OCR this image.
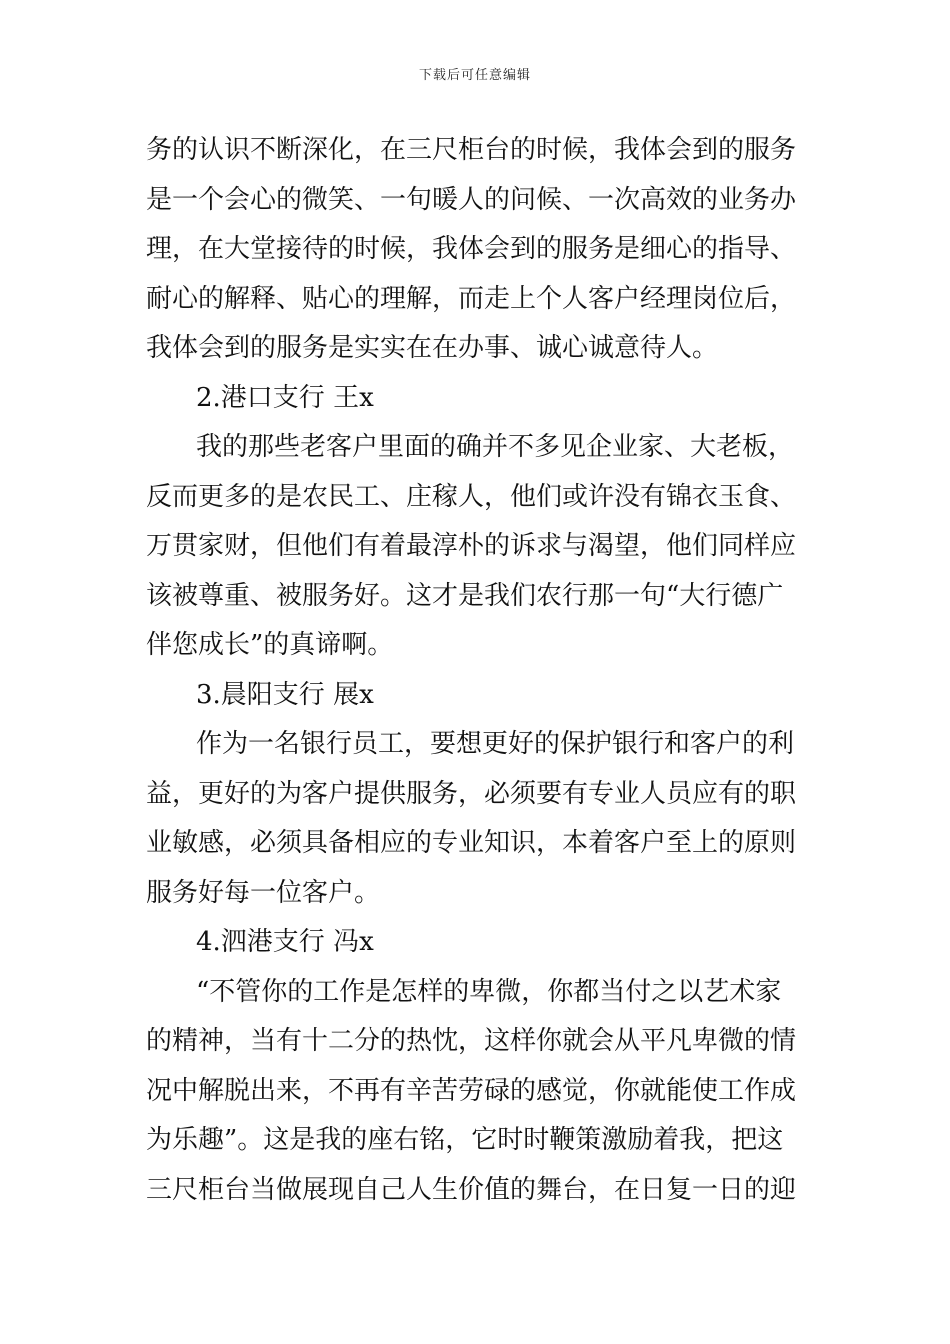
下载后可任意编辑
务的认识不断深化，在三尺柜台的时候，我体会到的服务
是一个会心的微笑、一句暖人的问候、一次高效的业务办
理，在大堂接待的时候，我体会到的服务是细心的指导、
耐心的解释、贴心的理解，而走上个人客户经理岗位后，
我体会到的服务是实实在在办事、诚心诚意待人。
2.港口支行 王x
我的那些老客户里面的确并不多见企业家、大老板，
反而更多的是农民工、庄稼人，他们或许没有锦衣玉食、
万贯家财，但他们有着最淳朴的诉求与渴望，他们同样应
该被尊重、被服务好。这才是我们农行那一句“大行德广
伴您成长”的真谛啊。
3.晨阳支行 展x
作为一名银行员工，要想更好的保护银行和客户的利
益，更好的为客户提供服务，必须要有专业人员应有的职
业敏感，必须具备相应的专业知识，本着客户至上的原则
服务好每一位客户。
4.泗港支行 冯x
“不管你的工作是怎样的卑微，你都当付之以艺术家
的精神，当有十二分的热忱，这样你就会从平凡卑微的情
况中解脱出来，不再有辛苦劳碌的感觉，你就能使工作成
为乐趣”。这是我的座右铭，它时时鞭策激励着我，把这
三尺柜台当做展现自己人生价值的舞台，在日复一日的迎
